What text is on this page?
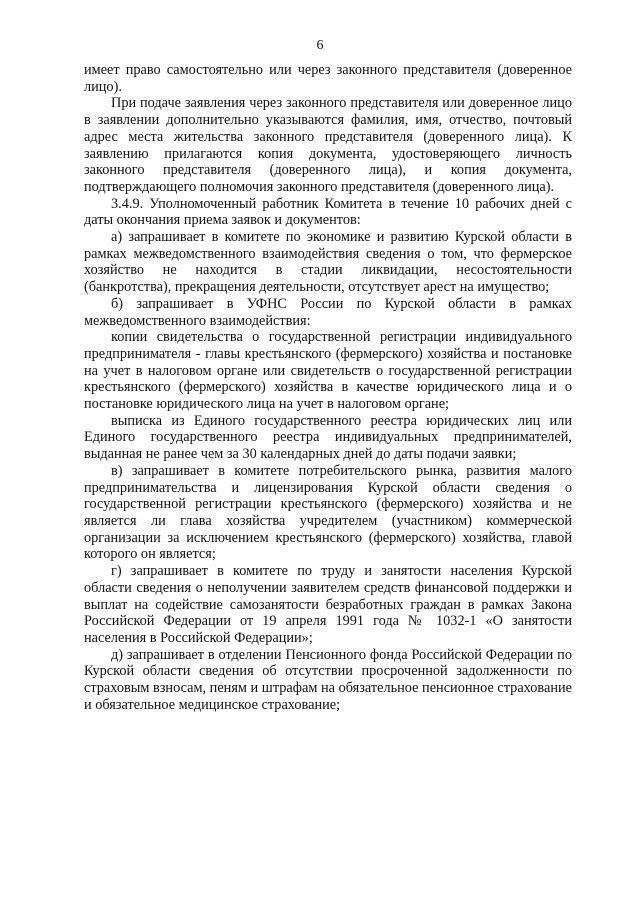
6

имеет право самостоятельно или через законного представителя (доверенное лицо).

При подаче заявления через законного представителя или доверенное лицо в заявлении дополнительно указываются фамилия, имя, отчество, почтовый адрес места жительства законного представителя (доверенного лица). К заявлению прилагаются копия документа, удостоверяющего личность законного представителя (доверенного лица), и копия документа, подтверждающего полномочия законного представителя (доверенного лица).

3.4.9. Уполномоченный работник Комитета в течение 10 рабочих дней с даты окончания приема заявок и документов:

а) запрашивает в комитете по экономике и развитию Курской области в рамках межведомственного взаимодействия сведения о том, что фермерское хозяйство не находится в стадии ликвидации, несостоятельности (банкротства), прекращения деятельности, отсутствует арест на имущество;

б) запрашивает в УФНС России по Курской области в рамках межведомственного взаимодействия:

копии свидетельства о государственной регистрации индивидуального предпринимателя - главы крестьянского (фермерского) хозяйства и постановке на учет в налоговом органе или свидетельств о государственной регистрации крестьянского (фермерского) хозяйства в качестве юридического лица и о постановке юридического лица на учет в налоговом органе;

выписка из Единого государственного реестра юридических лиц или Единого государственного реестра индивидуальных предпринимателей, выданная не ранее чем за 30 календарных дней до даты подачи заявки;

в) запрашивает в комитете потребительского рынка, развития малого предпринимательства и лицензирования Курской области сведения о государственной регистрации крестьянского (фермерского) хозяйства и не является ли глава хозяйства учредителем (участником) коммерческой организации за исключением крестьянского (фермерского) хозяйства, главой которого он является;

г) запрашивает в комитете по труду и занятости населения Курской области сведения о неполучении заявителем средств финансовой поддержки и выплат на содействие самозанятости безработных граждан в рамках Закона Российской Федерации от 19 апреля 1991 года № 1032-1 «О занятости населения в Российской Федерации»;

д) запрашивает в отделении Пенсионного фонда Российской Федерации по Курской области сведения об отсутствии просроченной задолженности по страховым взносам, пеням и штрафам на обязательное пенсионное страхование и обязательное медицинское страхование;
